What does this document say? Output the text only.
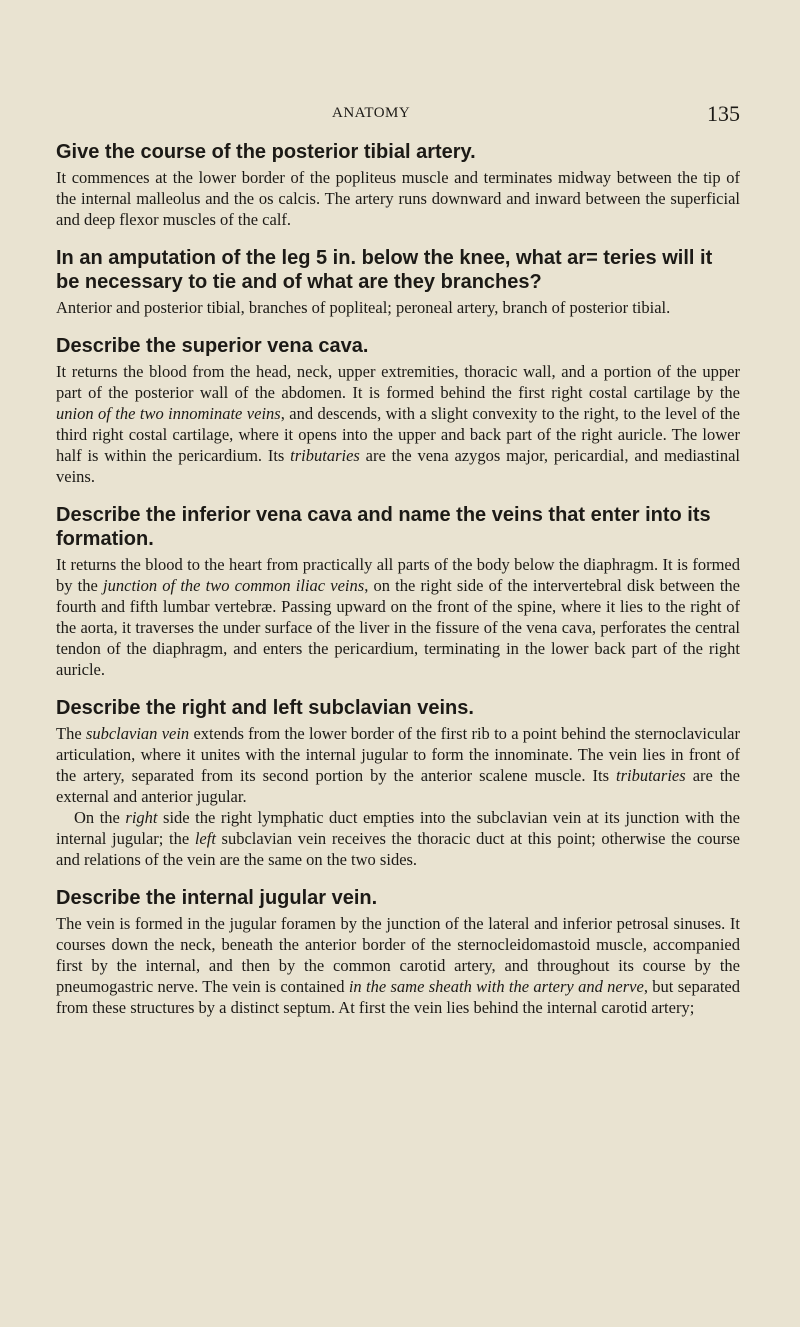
ANATOMY	135

Give the course of the posterior tibial artery.

It commences at the lower border of the popliteus muscle and terminates midway between the tip of the internal malleolus and the os calcis. The artery runs downward and inward between the superficial and deep flexor muscles of the calf.

In an amputation of the leg 5 in. below the knee, what ar= teries will it be necessary to tie and of what are they branches?

Anterior and posterior tibial, branches of popliteal; peroneal artery, branch of posterior tibial.

Describe the superior vena cava.

It returns the blood from the head, neck, upper extremities, thoracic wall, and a portion of the upper part of the posterior wall of the abdomen. It is formed behind the first right costal cartilage by the union of the two innominate veins, and descends, with a slight convexity to the right, to the level of the third right costal cartilage, where it opens into the upper and back part of the right auricle. The lower half is within the pericardium. Its tributaries are the vena azygos major, pericardial, and mediastinal veins.

Describe the inferior vena cava and name the veins that enter into its formation.

It returns the blood to the heart from practically all parts of the body below the diaphragm. It is formed by the junction of the two common iliac veins, on the right side of the intervertebral disk between the fourth and fifth lumbar vertebræ. Passing upward on the front of the spine, where it lies to the right of the aorta, it traverses the under surface of the liver in the fissure of the vena cava, perforates the central tendon of the diaphragm, and enters the pericardium, terminating in the lower back part of the right auricle.

Describe the right and left subclavian veins.

The subclavian vein extends from the lower border of the first rib to a point behind the sternoclavicular articulation, where it unites with the internal jugular to form the innominate. The vein lies in front of the artery, separated from its second portion by the anterior scalene muscle. Its tributaries are the external and anterior jugular.

On the right side the right lymphatic duct empties into the subclavian vein at its junction with the internal jugular; the left subclavian vein receives the thoracic duct at this point; otherwise the course and relations of the vein are the same on the two sides.

Describe the internal jugular vein.

The vein is formed in the jugular foramen by the junction of the lateral and inferior petrosal sinuses. It courses down the neck, beneath the anterior border of the sternocleidomastoid muscle, accompanied first by the internal, and then by the common carotid artery, and throughout its course by the pneumogastric nerve. The vein is contained in the same sheath with the artery and nerve, but separated from these structures by a distinct septum. At first the vein lies behind the internal carotid artery;
